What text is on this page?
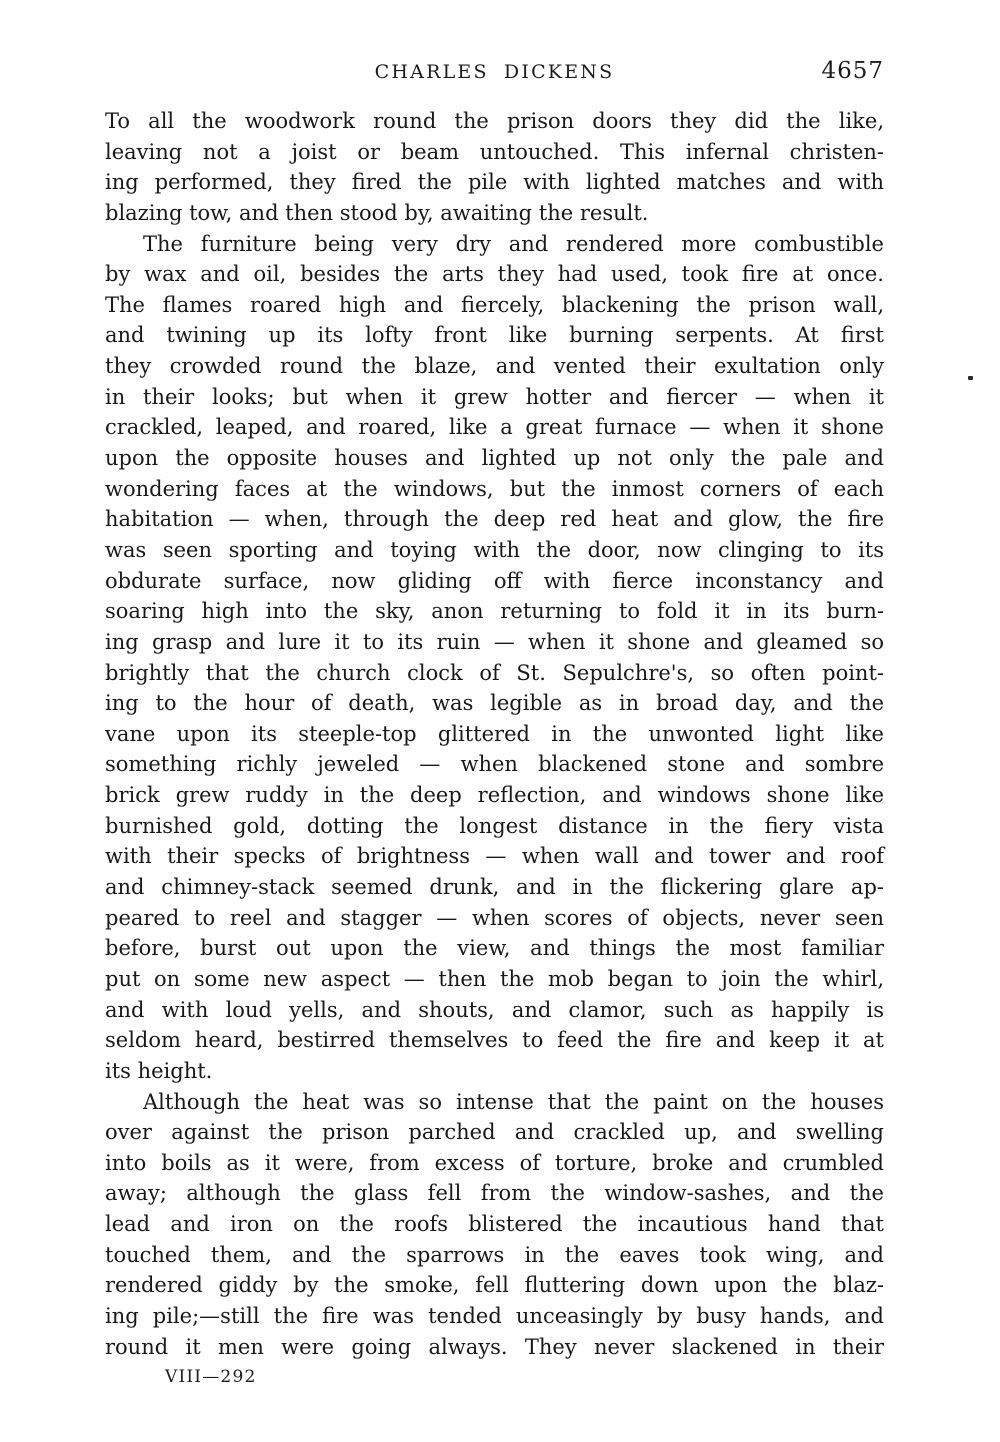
CHARLES DICKENS	4657
To all the woodwork round the prison doors they did the like,
leaving not a joist or beam untouched. This infernal christen-
ing performed, they fired the pile with lighted matches and with
blazing tow, and then stood by, awaiting the result.
The furniture being very dry and rendered more combustible
by wax and oil, besides the arts they had used, took fire at once.
The flames roared high and fiercely, blackening the prison wall,
and twining up its lofty front like burning serpents. At first
they crowded round the blaze, and vented their exultation only
in their looks; but when it grew hotter and fiercer — when it
crackled, leaped, and roared, like a great furnace — when it shone
upon the opposite houses and lighted up not only the pale and
wondering faces at the windows, but the inmost corners of each
habitation — when, through the deep red heat and glow, the fire
was seen sporting and toying with the door, now clinging to its
obdurate surface, now gliding off with fierce inconstancy and
soaring high into the sky, anon returning to fold it in its burn-
ing grasp and lure it to its ruin — when it shone and gleamed so
brightly that the church clock of St. Sepulchre's, so often point-
ing to the hour of death, was legible as in broad day, and the
vane upon its steeple-top glittered in the unwonted light like
something richly jeweled — when blackened stone and sombre
brick grew ruddy in the deep reflection, and windows shone like
burnished gold, dotting the longest distance in the fiery vista
with their specks of brightness — when wall and tower and roof
and chimney-stack seemed drunk, and in the flickering glare ap-
peared to reel and stagger — when scores of objects, never seen
before, burst out upon the view, and things the most familiar
put on some new aspect — then the mob began to join the whirl,
and with loud yells, and shouts, and clamor, such as happily is
seldom heard, bestirred themselves to feed the fire and keep it at
its height.
Although the heat was so intense that the paint on the houses
over against the prison parched and crackled up, and swelling
into boils as it were, from excess of torture, broke and crumbled
away; although the glass fell from the window-sashes, and the
lead and iron on the roofs blistered the incautious hand that
touched them, and the sparrows in the eaves took wing, and
rendered giddy by the smoke, fell fluttering down upon the blaz-
ing pile;—still the fire was tended unceasingly by busy hands, and
round it men were going always. They never slackened in their
VIII—292
